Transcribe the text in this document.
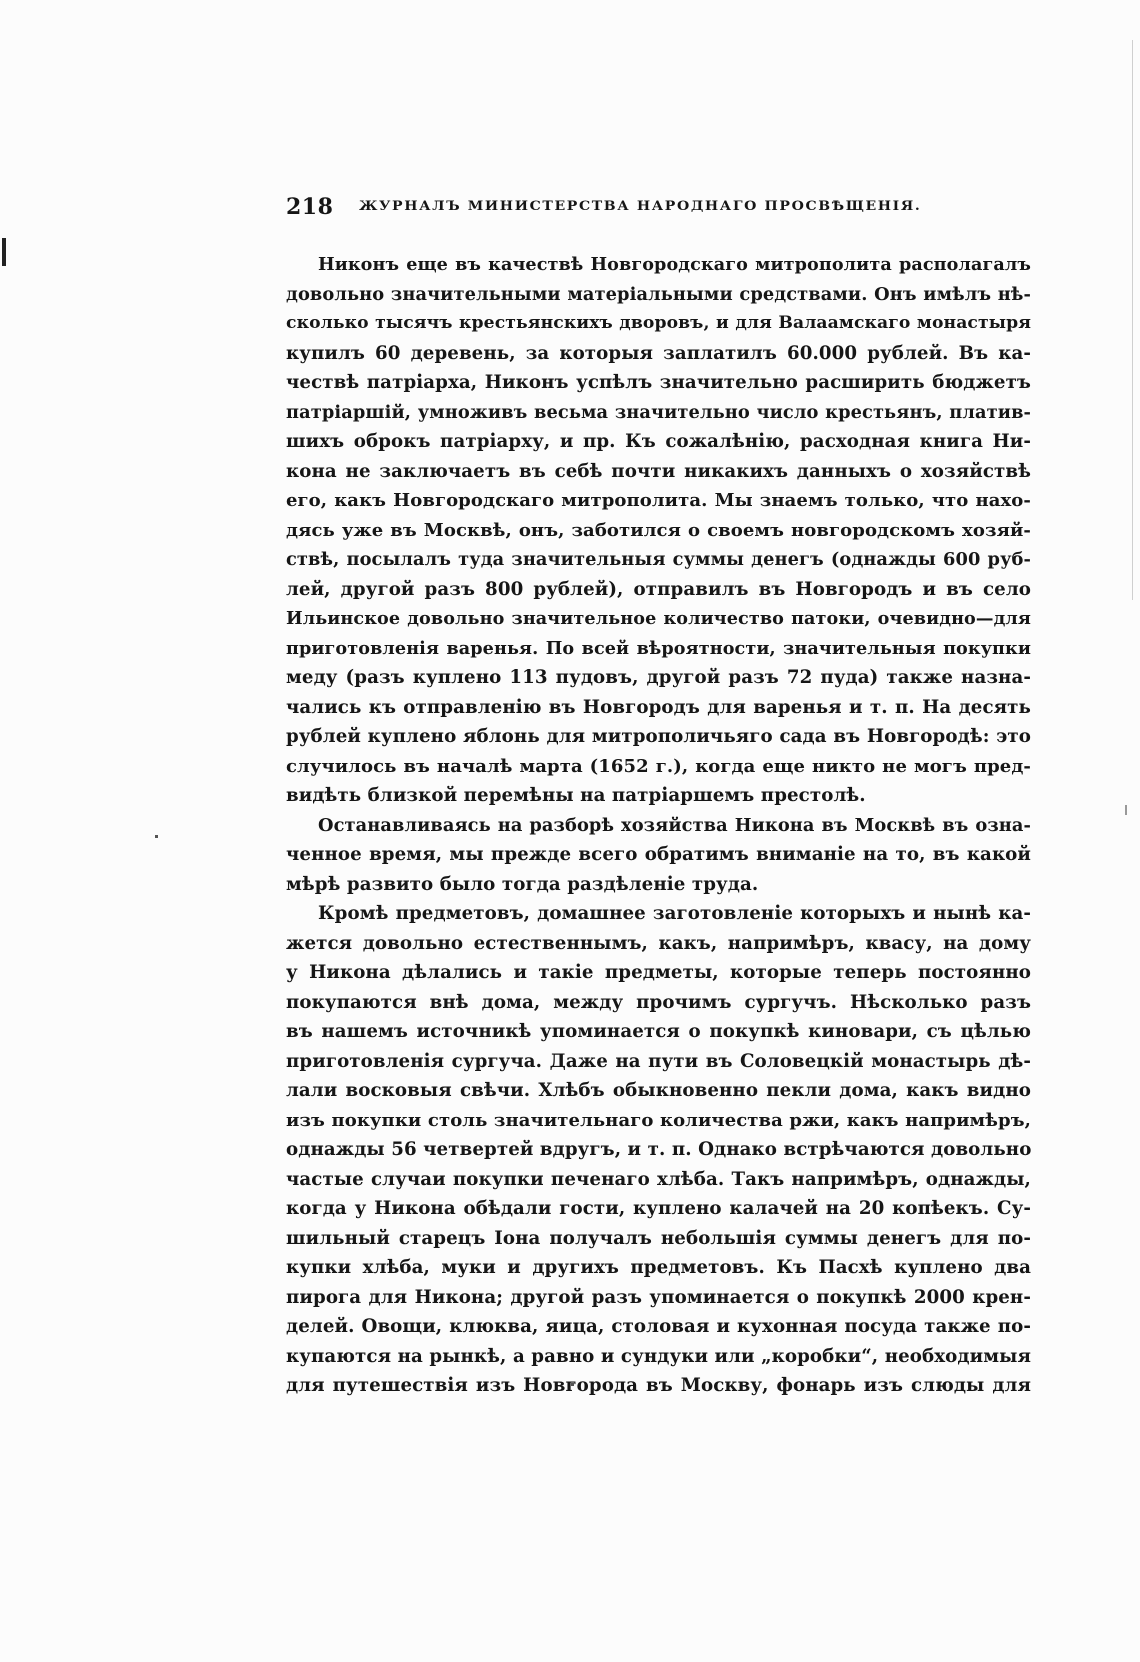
218 ЖУРНАЛЪ МИНИСТЕРСТВА НАРОДНАГО ПРОСВѢЩЕНІЯ.
Никонъ еще въ качествѣ Новгородскаго митрополита располагалъ
довольно значительными матеріальными средствами. Онъ имѣлъ нѣ-
сколько тысячъ крестьянскихъ дворовъ, и для Валаамскаго монастыря
купилъ 60 деревень, за которыя заплатилъ 60.000 рублей. Въ ка-
чествѣ патріарха, Никонъ успѣлъ значительно расширить бюджетъ
патріаршій, умноживъ весьма значительно число крестьянъ, платив-
шихъ оброкъ патріарху, и пр. Къ сожалѣнію, расходная книга Ни-
кона не заключаетъ въ себѣ почти никакихъ данныхъ о хозяйствѣ
его, какъ Новгородскаго митрополита. Мы знаемъ только, что нахо-
дясь уже въ Москвѣ, онъ, заботился о своемъ новгородскомъ хозяй-
ствѣ, посылалъ туда значительныя суммы денегъ (однажды 600 руб-
лей, другой разъ 800 рублей), отправилъ въ Новгородъ и въ село
Ильинское довольно значительное количество патоки, очевидно—для
приготовленія варенья. По всей вѣроятности, значительныя покупки
меду (разъ куплено 113 пудовъ, другой разъ 72 пуда) также назна-
чались къ отправленію въ Новгородъ для варенья и т. п. На десять
рублей куплено яблонь для митрополичьяго сада въ Новгородѣ: это
случилось въ началѣ марта (1652 г.), когда еще никто не могъ пред-
видѣть близкой перемѣны на патріаршемъ престолѣ.
Останавливаясь на разборѣ хозяйства Никона въ Москвѣ въ озна-
ченное время, мы прежде всего обратимъ вниманіе на то, въ какой
мѣрѣ развито было тогда раздѣленіе труда.
Кромѣ предметовъ, домашнее заготовленіе которыхъ и нынѣ ка-
жется довольно естественнымъ, какъ, напримѣръ, квасу, на дому
у Никона дѣлались и такіе предметы, которые теперь постоянно
покупаются внѣ дома, между прочимъ сургучъ. Нѣсколько разъ
въ нашемъ источникѣ упоминается о покупкѣ киновари, съ цѣлью
приготовленія сургуча. Даже на пути въ Соловецкій монастырь дѣ-
лали восковыя свѣчи. Хлѣбъ обыкновенно пекли дома, какъ видно
изъ покупки столь значительнаго количества ржи, какъ напримѣръ,
однажды 56 четвертей вдругъ, и т. п. Однако встрѣчаются довольно
частые случаи покупки печенаго хлѣба. Такъ напримѣръ, однажды,
когда у Никона обѣдали гости, куплено калачей на 20 копѣекъ. Су-
шильный старецъ Іона получалъ небольшія суммы денегъ для по-
купки хлѣба, муки и другихъ предметовъ. Къ Пасхѣ куплено два
пирога для Никона; другой разъ упоминается о покупкѣ 2000 крен-
делей. Овощи, клюква, яица, столовая и кухонная посуда также по-
купаются на рынкѣ, а равно и сундуки или „коробки“, необходимыя
для путешествія изъ Новгорода въ Москву, фонарь изъ слюды для
